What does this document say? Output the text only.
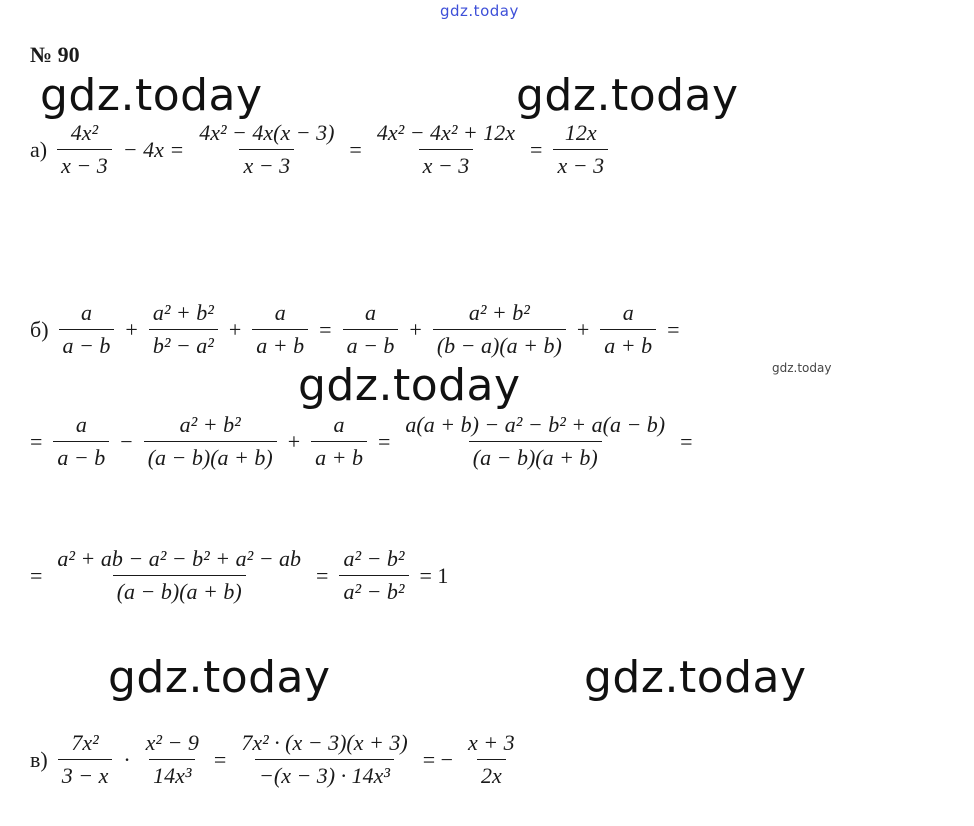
gdz.today
gdz.today	gdz.today
gdz.today	gdz.today
gdz.today	gdz.today
№ 90
$а) \frac{\text{4x²}}{x - 3} - 4x = \frac{\text{4x² − 4x(x − 3)}}{x - 3} = \frac{\text{4x² − 4x² + 12x}}{x - 3} = \frac{12x}{x - 3}$
$б) \frac{a}{a - b} + \frac{\text{a² + b²}}{\text{b² − a²}} + \frac{a}{a + b} = \frac{a}{a - b} + \frac{\text{a² + b²}}{(b - a)(a + b)} + \frac{a}{a + b}$ =
= $\frac{a}{a - b} - \frac{\text{a² + b²}}{(a - b)(a + b)} + \frac{a}{a + b} = \frac{\text{a(a + b) − a² − b² + a(a − b)}}{(a - b)(a + b)}$ =
= $\frac{\text{a² + ab − a² − b² + a² − ab}}{(a - b)(a + b)} = \frac{\text{a² − b²}}{\text{a² − b²}} = 1$
$в) \frac{\text{7x²}}{3 - x} \cdot \frac{\text{x² − 9}}{\text{14x³}} = \frac{\text{7x² · (x − 3)(x + 3)}}{\text{−(x − 3) · 14x³}}$ = − $\frac{x + 3}{2x}$
